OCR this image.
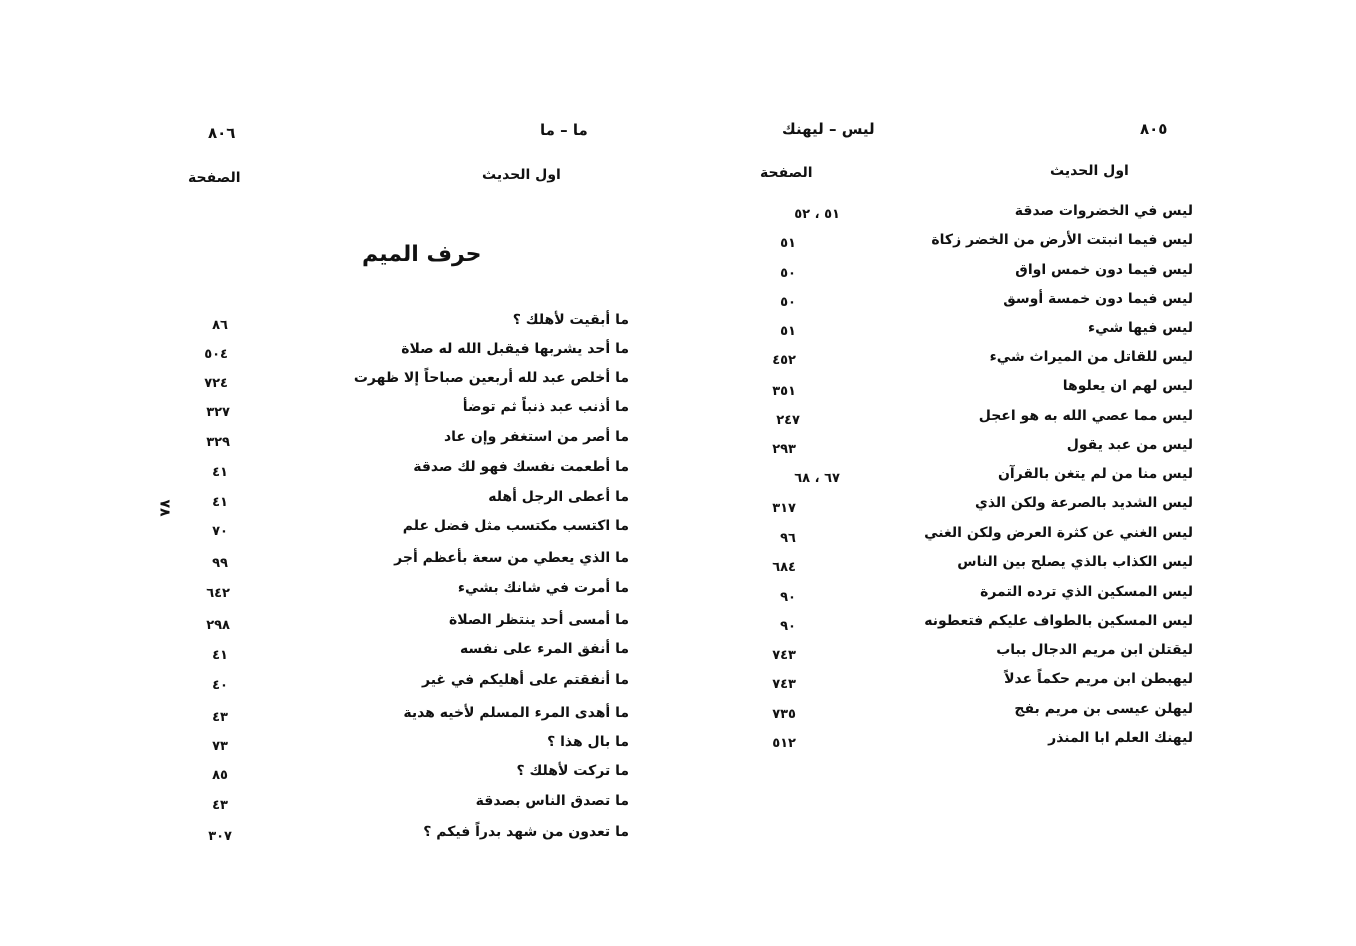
٨٠٥
ليس – ليهنك
اول الحديث
الصفحة
ليس في الخضروات صدقة
٥١ ، ٥٢
ليس فيما انبتت الأرض من الخضر زكاة
٥١
ليس فيما دون خمس اواق
٥٠
ليس فيما دون خمسة أوسق
٥٠
ليس فيها شيء
٥١
ليس للقاتل من الميراث شيء
٤٥٢
ليس لهم ان يعلوها
٣٥١
ليس مما عصي الله به هو اعجل
٢٤٧
ليس من عبد يقول
٢٩٣
ليس منا من لم يتغن بالقرآن
٦٧ ، ٦٨
ليس الشديد بالصرعة ولكن الذي
٣١٧
ليس الغني عن كثرة العرض ولكن الغني
٩٦
ليس الكذاب بالذي يصلح بين الناس
٦٨٤
ليس المسكين الذي ترده التمرة
٩٠
ليس المسكين بالطواف عليكم فتعطونه
٩٠
ليقتلن ابن مريم الدجال بباب
٧٤٣
ليهبطن ابن مريم حكماً عدلاً
٧٤٣
ليهلن عيسى بن مريم بفج
٧٣٥
ليهنك العلم ابا المنذر
٥١٢
٨٠٦	ما – ما
اول الحديث
الصفحة
حرف الميم
٧٨
ما أبقيت لأهلك ؟
٨٦
ما أحد يشربها فيقبل الله له صلاة
٥٠٤
ما أخلص عبد لله أربعين صباحاً إلا ظهرت
٧٢٤
ما أذنب عبد ذنباً ثم توضأ
٣٢٧
ما أصر من استغفر وإن عاد
٣٢٩
ما أطعمت نفسك فهو لك صدقة
٤١
ما أعطى الرجل أهله
٤١
ما اكتسب مكتسب مثل فضل علم
٧٠
ما الذي يعطي من سعة بأعظم أجر
٩٩
ما أمرت في شانك بشيء
٦٤٢
ما أمسى أحد ينتظر الصلاة
٢٩٨
ما أنفق المرء على نفسه
٤١
ما أنفقتم على أهليكم في غير
٤٠
ما أهدى المرء المسلم لأخيه هدية
٤٣
ما بال هذا ؟
٧٣
ما تركت لأهلك ؟
٨٥
ما تصدق الناس بصدقة
٤٣
ما تعدون من شهد بدراً فيكم ؟
٣٠٧
